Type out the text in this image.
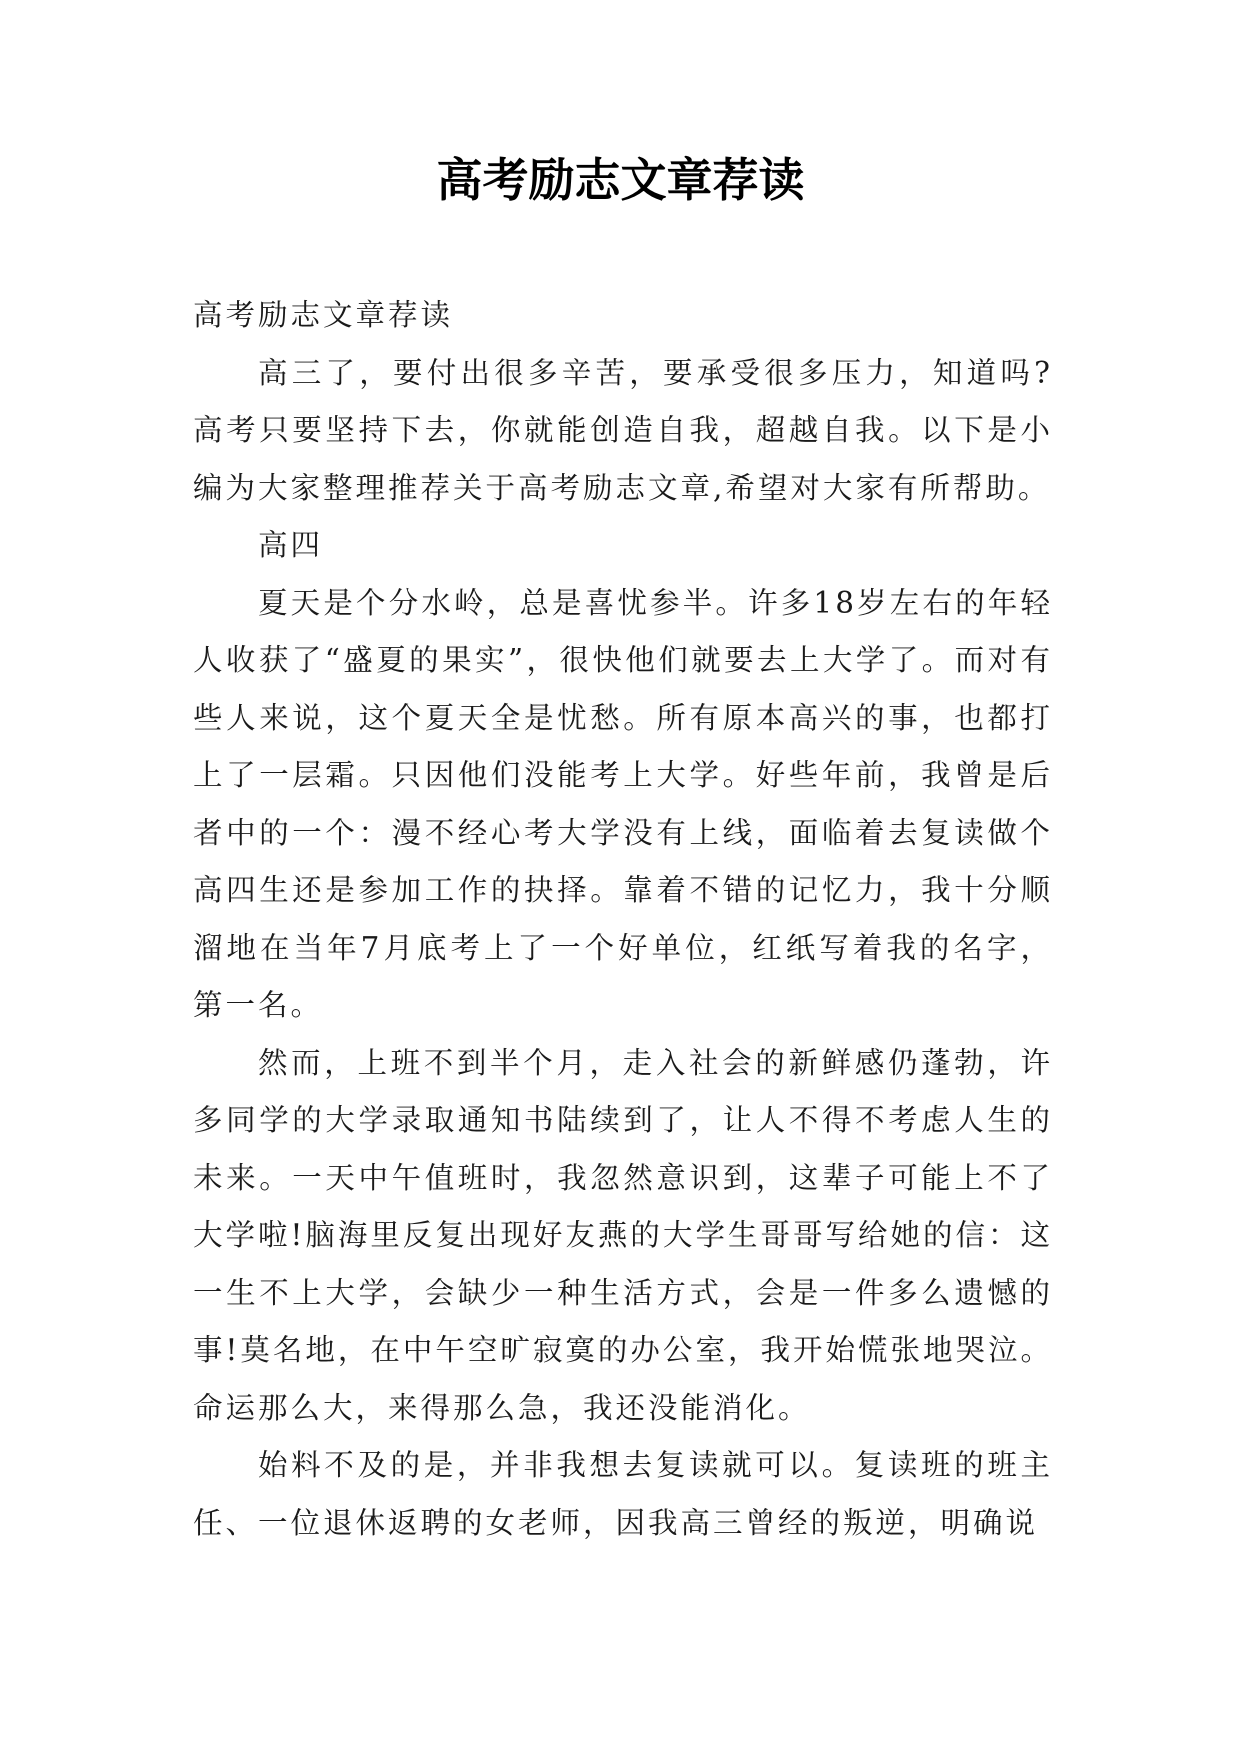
高考励志文章荐读

高考励志文章荐读

高三了，要付出很多辛苦，要承受很多压力，知道吗?高考只要坚持下去，你就能创造自我，超越自我。以下是小编为大家整理推荐关于高考励志文章,希望对大家有所帮助。

高四

夏天是个分水岭，总是喜忧参半。许多18岁左右的年轻人收获了“盛夏的果实”，很快他们就要去上大学了。而对有些人来说，这个夏天全是忧愁。所有原本高兴的事，也都打上了一层霜。只因他们没能考上大学。好些年前，我曾是后者中的一个：漫不经心考大学没有上线，面临着去复读做个高四生还是参加工作的抉择。靠着不错的记忆力，我十分顺溜地在当年7月底考上了一个好单位，红纸写着我的名字，第一名。

然而，上班不到半个月，走入社会的新鲜感仍蓬勃，许多同学的大学录取通知书陆续到了，让人不得不考虑人生的未来。一天中午值班时，我忽然意识到，这辈子可能上不了大学啦!脑海里反复出现好友燕的大学生哥哥写给她的信：这一生不上大学，会缺少一种生活方式，会是一件多么遗憾的事!莫名地，在中午空旷寂寞的办公室，我开始慌张地哭泣。命运那么大，来得那么急，我还没能消化。

始料不及的是，并非我想去复读就可以。复读班的班主任、一位退休返聘的女老师，因我高三曾经的叛逆，明确说
